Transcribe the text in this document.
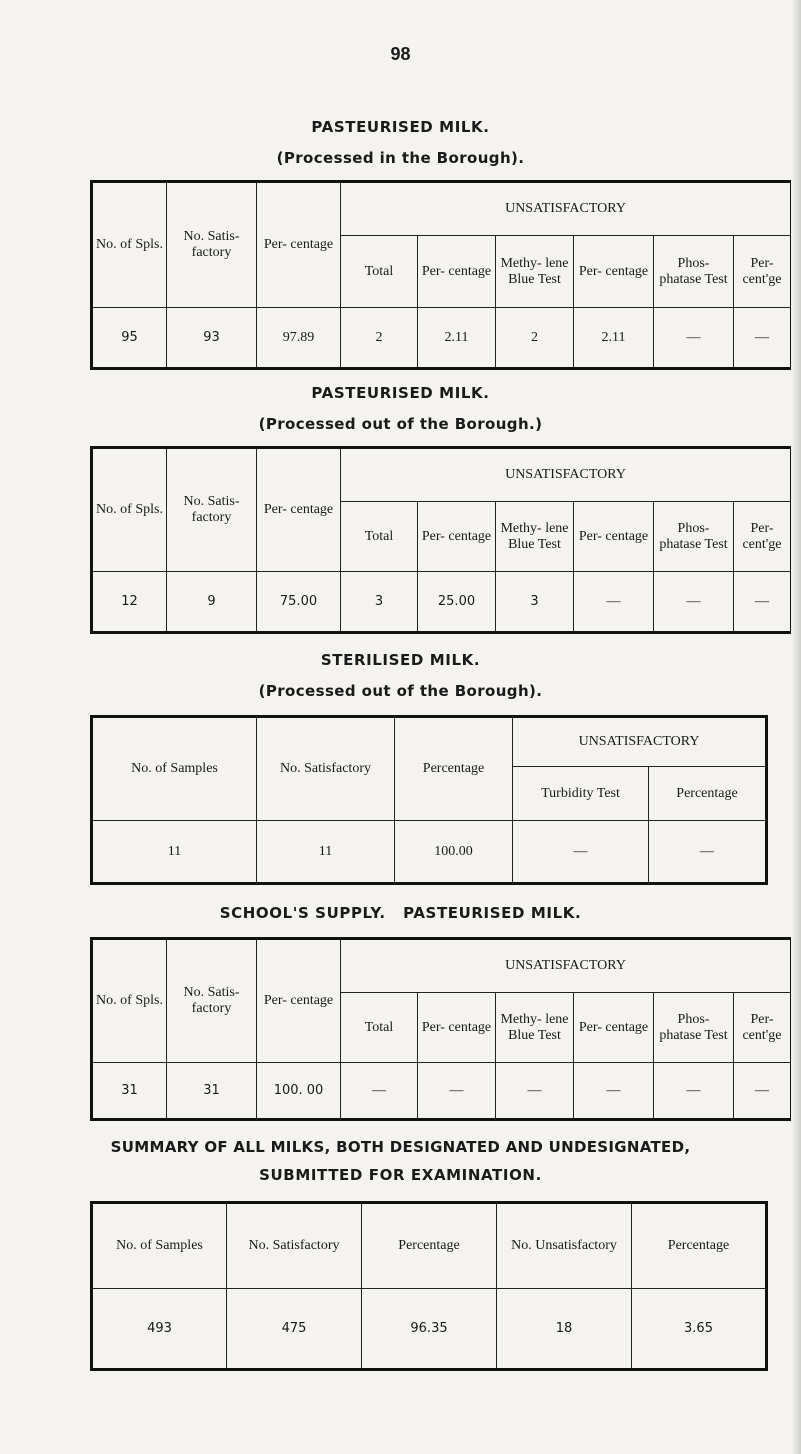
98
PASTEURISED MILK.
(Processed in the Borough).
No. of Spls.	No. Satis- factory	Per- centage	UNSATISFACTORY					
			Total	Per- centage	Methy- lene Blue Test	Per- centage	Phos- phatase Test	Per- cent'ge
95	93	97.89	2	2.11	2	2.11	—	—
PASTEURISED MILK.
(Processed out of the Borough.)
No. of Spls.	No. Satis- factory	Per- centage	UNSATISFACTORY					
			Total	Per- centage	Methy- lene Blue Test	Per- centage	Phos- phatase Test	Per- cent'ge
12	9	75.00	3	25.00	3	—	—	—
STERILISED MILK.
(Processed out of the Borough).
No. of Samples	No. Satisfactory	Percentage	UNSATISFACTORY	
			Turbidity Test	Percentage
11	11	100.00	—	—
SCHOOL'S SUPPLY.   PASTEURISED MILK.
No. of Spls.	No. Satis- factory	Per- centage	UNSATISFACTORY					
			Total	Per- centage	Methy- lene Blue Test	Per- centage	Phos- phatase Test	Per- cent'ge
31	31	100. 00	—	—	—	—	—	—
SUMMARY OF ALL MILKS, BOTH DESIGNATED AND UNDESIGNATED,
SUBMITTED FOR EXAMINATION.
No. of Samples	No. Satisfactory	Percentage	No. Unsatisfactory	Percentage
493	475	96.35	18	3.65
